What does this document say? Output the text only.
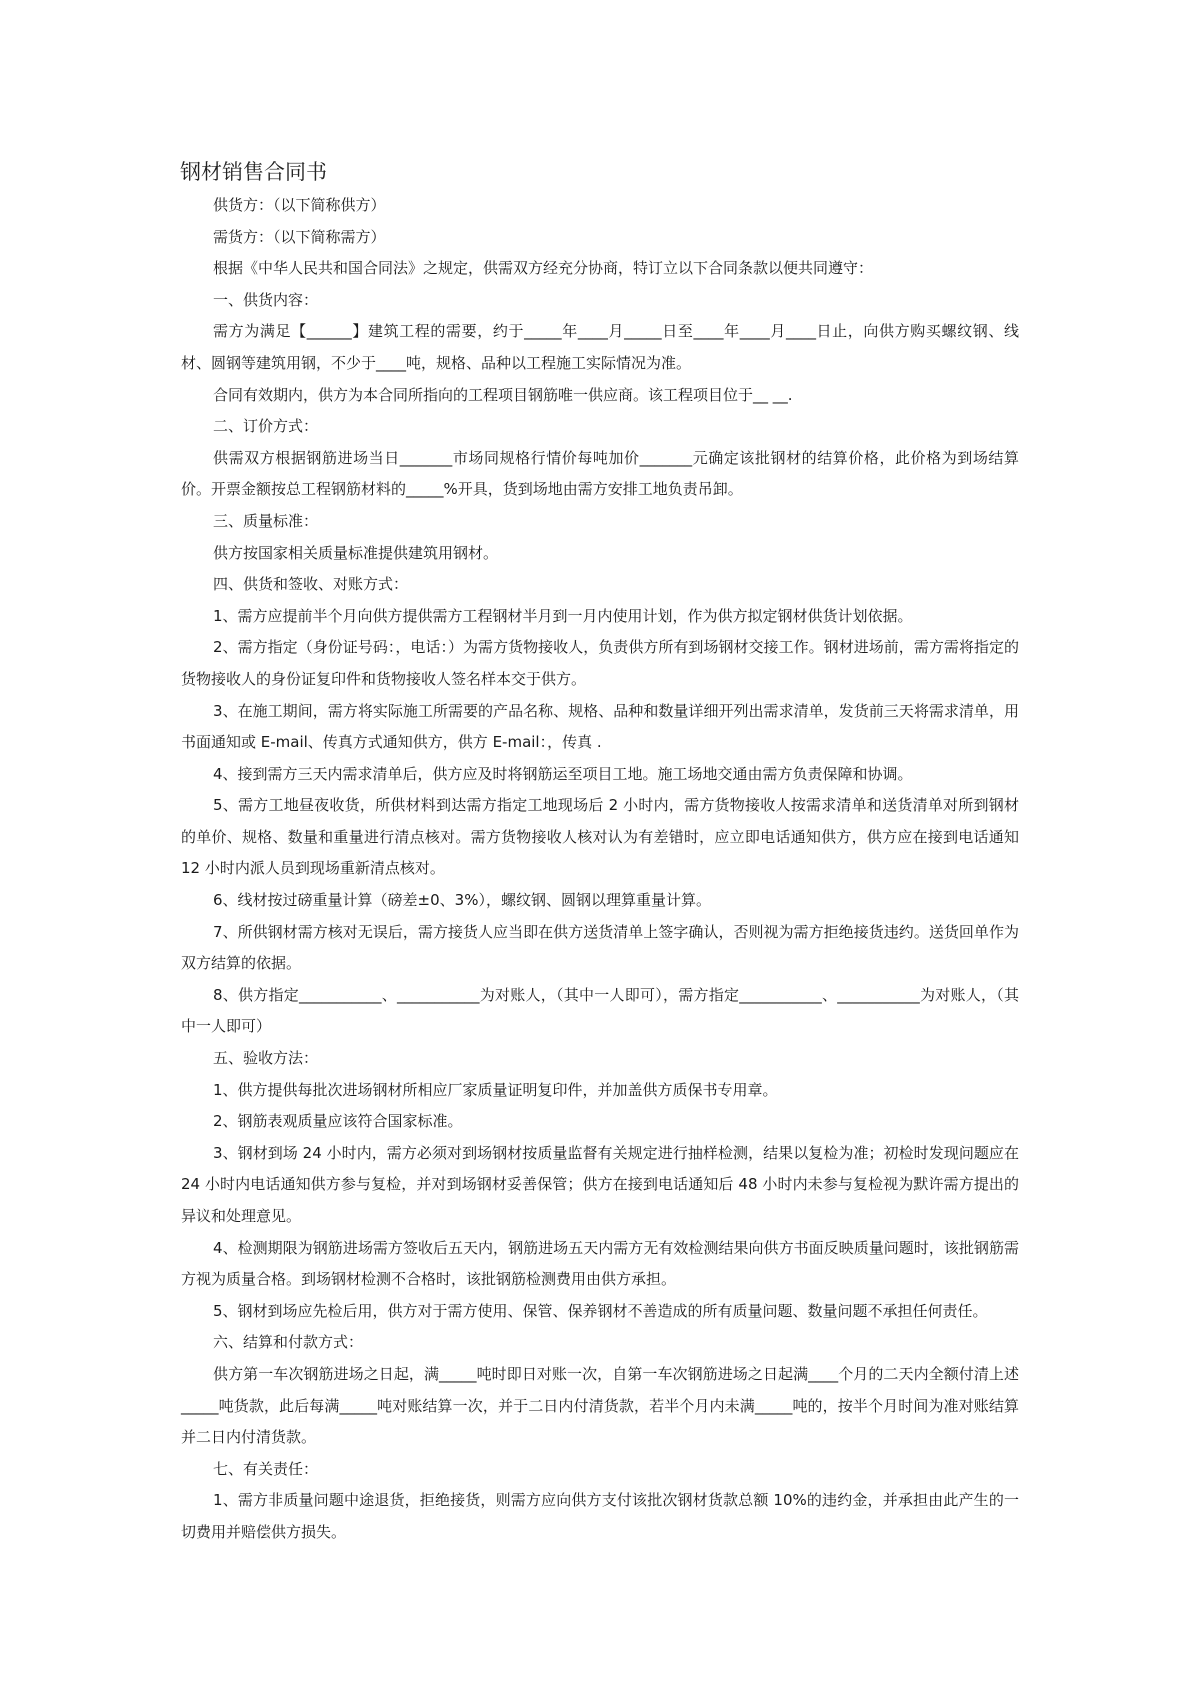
钢材销售合同书

供货方：（以下简称供方）

需货方：（以下简称需方）

根据《中华人民共和国合同法》之规定，供需双方经充分协商，特订立以下合同条款以便共同遵守：

一、供货内容：

需方为满足【______】建筑工程的需要，约于_____年____月_____日至____年____月____日止，向供方购买螺纹钢、线材、圆钢等建筑用钢，不少于____吨，规格、品种以工程施工实际情况为准。

合同有效期内，供方为本合同所指向的工程项目钢筋唯一供应商。该工程项目位于__ __.

二、订价方式：

供需双方根据钢筋进场当日_______市场同规格行情价每吨加价_______元确定该批钢材的结算价格，此价格为到场结算价。开票金额按总工程钢筋材料的_____%开具，货到场地由需方安排工地负责吊卸。

三、质量标准：

供方按国家相关质量标准提供建筑用钢材。

四、供货和签收、对账方式：

1、需方应提前半个月向供方提供需方工程钢材半月到一月内使用计划，作为供方拟定钢材供货计划依据。

2、需方指定（身份证号码：，电话：）为需方货物接收人，负责供方所有到场钢材交接工作。钢材进场前，需方需将指定的货物接收人的身份证复印件和货物接收人签名样本交于供方。

3、在施工期间，需方将实际施工所需要的产品名称、规格、品种和数量详细开列出需求清单，发货前三天将需求清单，用书面通知或 E-mail、传真方式通知供方，供方 E-mail：，传真 .

4、接到需方三天内需求清单后，供方应及时将钢筋运至项目工地。施工场地交通由需方负责保障和协调。

5、需方工地昼夜收货，所供材料到达需方指定工地现场后 2 小时内，需方货物接收人按需求清单和送货清单对所到钢材的单价、规格、数量和重量进行清点核对。需方货物接收人核对认为有差错时，应立即电话通知供方，供方应在接到电话通知 12 小时内派人员到现场重新清点核对。

6、线材按过磅重量计算（磅差±0、3%），螺纹钢、圆钢以理算重量计算。

7、所供钢材需方核对无误后，需方接货人应当即在供方送货清单上签字确认，否则视为需方拒绝接货违约。送货回单作为双方结算的依据。

8、供方指定___________、___________为对账人，（其中一人即可），需方指定___________、___________为对账人，（其中一人即可）

五、验收方法：

1、供方提供每批次进场钢材所相应厂家质量证明复印件，并加盖供方质保书专用章。

2、钢筋表观质量应该符合国家标准。

3、钢材到场 24 小时内，需方必须对到场钢材按质量监督有关规定进行抽样检测，结果以复检为准；初检时发现问题应在 24 小时内电话通知供方参与复检，并对到场钢材妥善保管；供方在接到电话通知后 48 小时内未参与复检视为默许需方提出的异议和处理意见。

4、检测期限为钢筋进场需方签收后五天内，钢筋进场五天内需方无有效检测结果向供方书面反映质量问题时，该批钢筋需方视为质量合格。到场钢材检测不合格时，该批钢筋检测费用由供方承担。

5、钢材到场应先检后用，供方对于需方使用、保管、保养钢材不善造成的所有质量问题、数量问题不承担任何责任。

六、结算和付款方式：

供方第一车次钢筋进场之日起，满_____吨时即日对账一次，自第一车次钢筋进场之日起满____个月的二天内全额付清上述_____吨货款，此后每满_____吨对账结算一次，并于二日内付清货款，若半个月内未满_____吨的，按半个月时间为准对账结算并二日内付清货款。

七、有关责任：

1、需方非质量问题中途退货，拒绝接货，则需方应向供方支付该批次钢材货款总额 10%的违约金，并承担由此产生的一切费用并赔偿供方损失。
